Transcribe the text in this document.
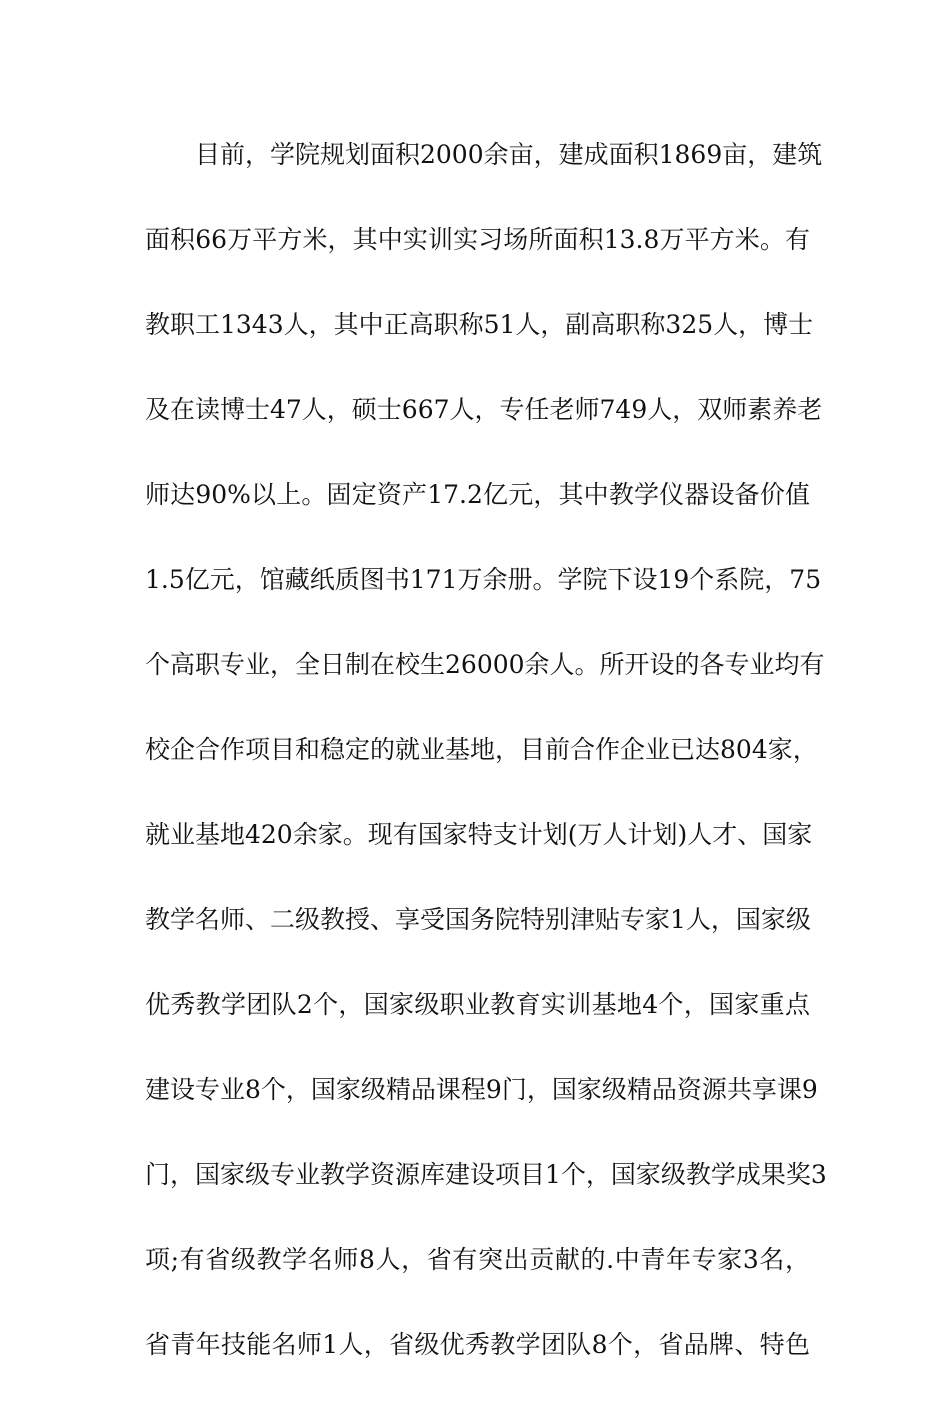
目前，学院规划面积2000余亩，建成面积1869亩，建筑
面积66万平方米，其中实训实习场所面积13.8万平方米。有
教职工1343人，其中正高职称51人，副高职称325人，博士
及在读博士47人，硕士667人，专任老师749人，双师素养老
师达90%以上。固定资产17.2亿元，其中教学仪器设备价值
1.5亿元，馆藏纸质图书171万余册。学院下设19个系院，75
个高职专业，全日制在校生26000余人。所开设的各专业均有
校企合作项目和稳定的就业基地，目前合作企业已达804家，
就业基地420余家。现有国家特支计划(万人计划)人才、国家
教学名师、二级教授、享受国务院特别津贴专家1人，国家级
优秀教学团队2个，国家级职业教育实训基地4个，国家重点
建设专业8个，国家级精品课程9门，国家级精品资源共享课9
门，国家级专业教学资源库建设项目1个，国家级教学成果奖3
项;有省级教学名师8人，省有突出贡献的.中青年专家3名，
省青年技能名师1人，省级优秀教学团队8个，省品牌、特色
